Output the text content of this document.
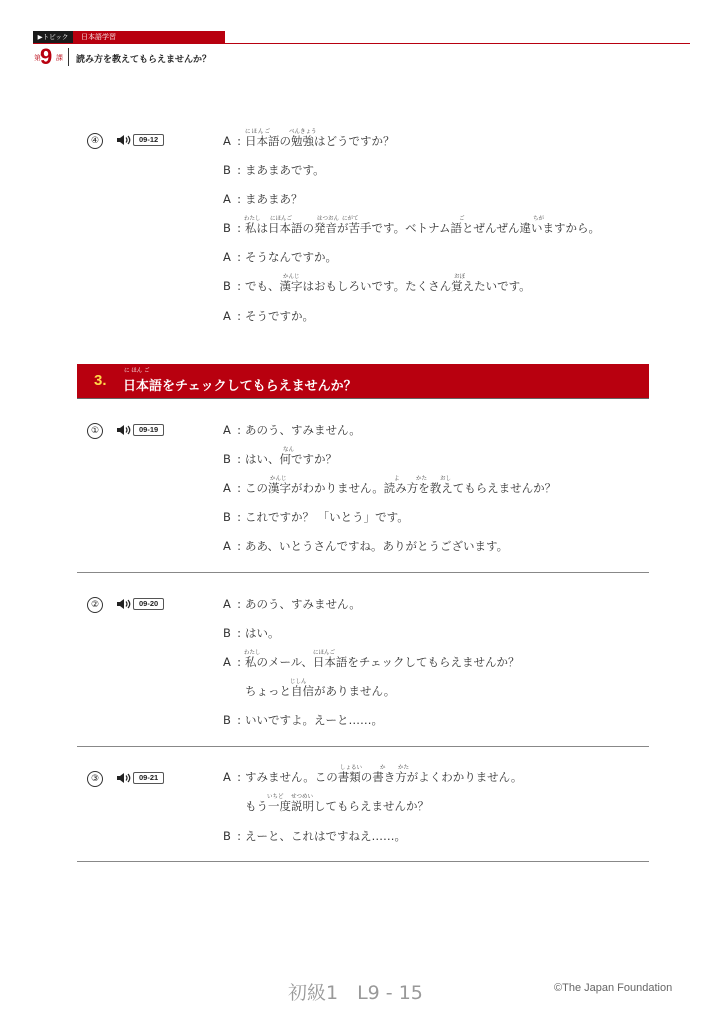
▶トピック	日本語学習
第 9 課 読み方を教えてもらえませんか？
④	09-12
にほんご	べんきょう
A : 日本語の勉強はどうですか？
B : まあまあです。
A : まあまあ？
わたし にほんご	はつおん にがて	ご	ちが
B : 私は日本語の発音が苦手です。ベトナム語とぜんぜん違いますから。
A : そうなんですか。
かんじ	おぼ
B : でも、漢字はおもしろいです。たくさん覚えたいです。
A : そうですか。
3.
に ほん ご
日本語をチェックしてもらえませんか？
①	09-19	A : あのう、すみません。
なん
B : はい、何ですか？
かんじ	よ	かた おし
A : この漢字がわかりません。読み方を教えてもらえませんか？
B : これですか？ 「いとう」です。
A : ああ、いとうさんですね。ありがとうございます。
②	09-20	A : あのう、すみません。
B : はい。
わたし	にほんご
A : 私のメール、日本語をチェックしてもらえませんか？
じしん
ちょっと自信がありません。
B : いいですよ。えーと……。
③	09-21
しょるい	か かた
A : すみません。この書類の書き方がよくわかりません。
いちど せつめい
もう一度説明してもらえませんか？
B : えーと、これはですねえ……。
初級1　L9 - 15	©The Japan Foundation
